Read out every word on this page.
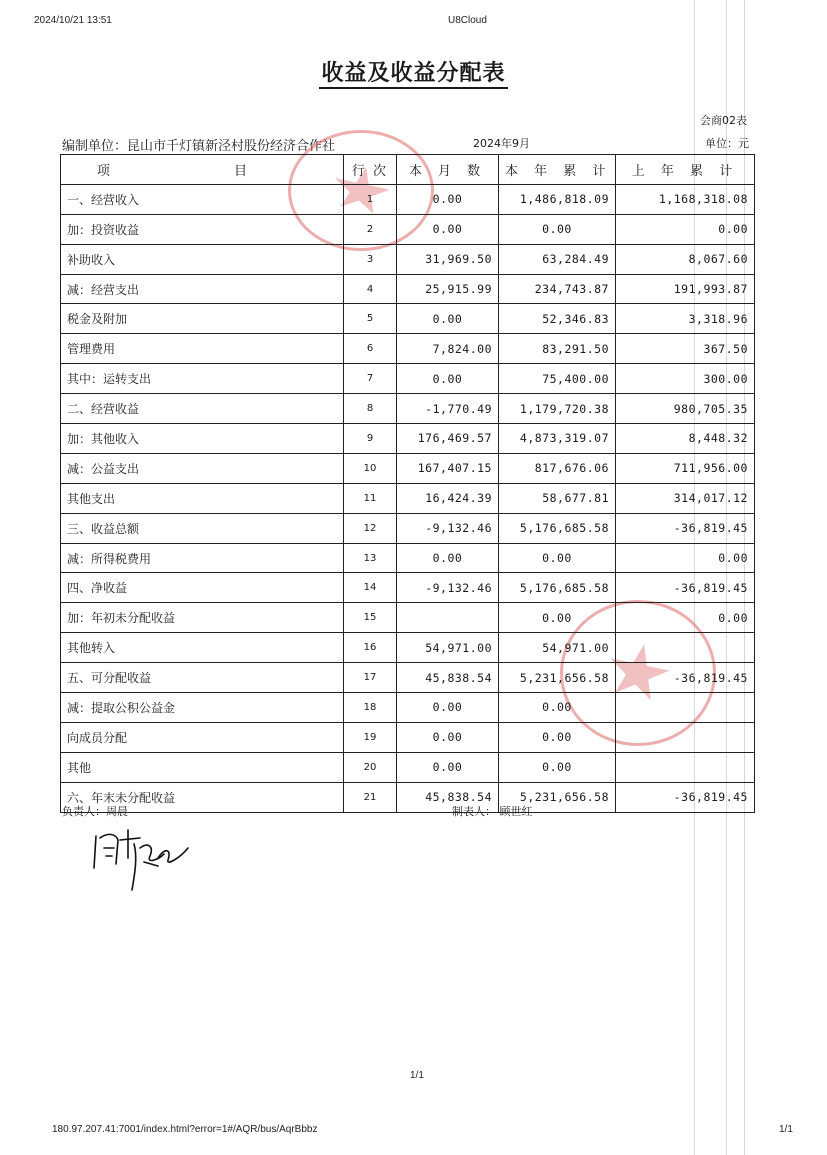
2024/10/21 13:51	U8Cloud
收益及收益分配表
会商02表
编制单位：昆山市千灯镇新泾村股份经济合作社	2024年9月	单位：元
项 目	行 次	本 月 数	本 年 累 计	上 年 累 计
一、经营收入	1	0.00	1,486,818.09	1,168,318.08
加：投资收益	2	0.00	0.00	0.00
补助收入	3	31,969.50	63,284.49	8,067.60
减：经营支出	4	25,915.99	234,743.87	191,993.87
税金及附加	5	0.00	52,346.83	3,318.96
管理费用	6	7,824.00	83,291.50	367.50
其中：运转支出	7	0.00	75,400.00	300.00
二、经营收益	8	-1,770.49	1,179,720.38	980,705.35
加：其他收入	9	176,469.57	4,873,319.07	8,448.32
减：公益支出	10	167,407.15	817,676.06	711,956.00
其他支出	11	16,424.39	58,677.81	314,017.12
三、收益总额	12	-9,132.46	5,176,685.58	-36,819.45
减：所得税费用	13	0.00	0.00	0.00
四、净收益	14	-9,132.46	5,176,685.58	-36,819.45
加：年初未分配收益	15		0.00	0.00
其他转入	16	54,971.00	54,971.00	
五、可分配收益	17	45,838.54	5,231,656.58	-36,819.45
减：提取公积公益金	18	0.00	0.00	
向成员分配	19	0.00	0.00	
其他	20	0.00	0.00	
六、年末未分配收益	21	45,838.54	5,231,656.58	-36,819.45
负责人：周晨	制表人： 顾世红
1/1
180.97.207.41:7001/index.html?error=1#/AQR/bus/AqrBbbz	1/1
